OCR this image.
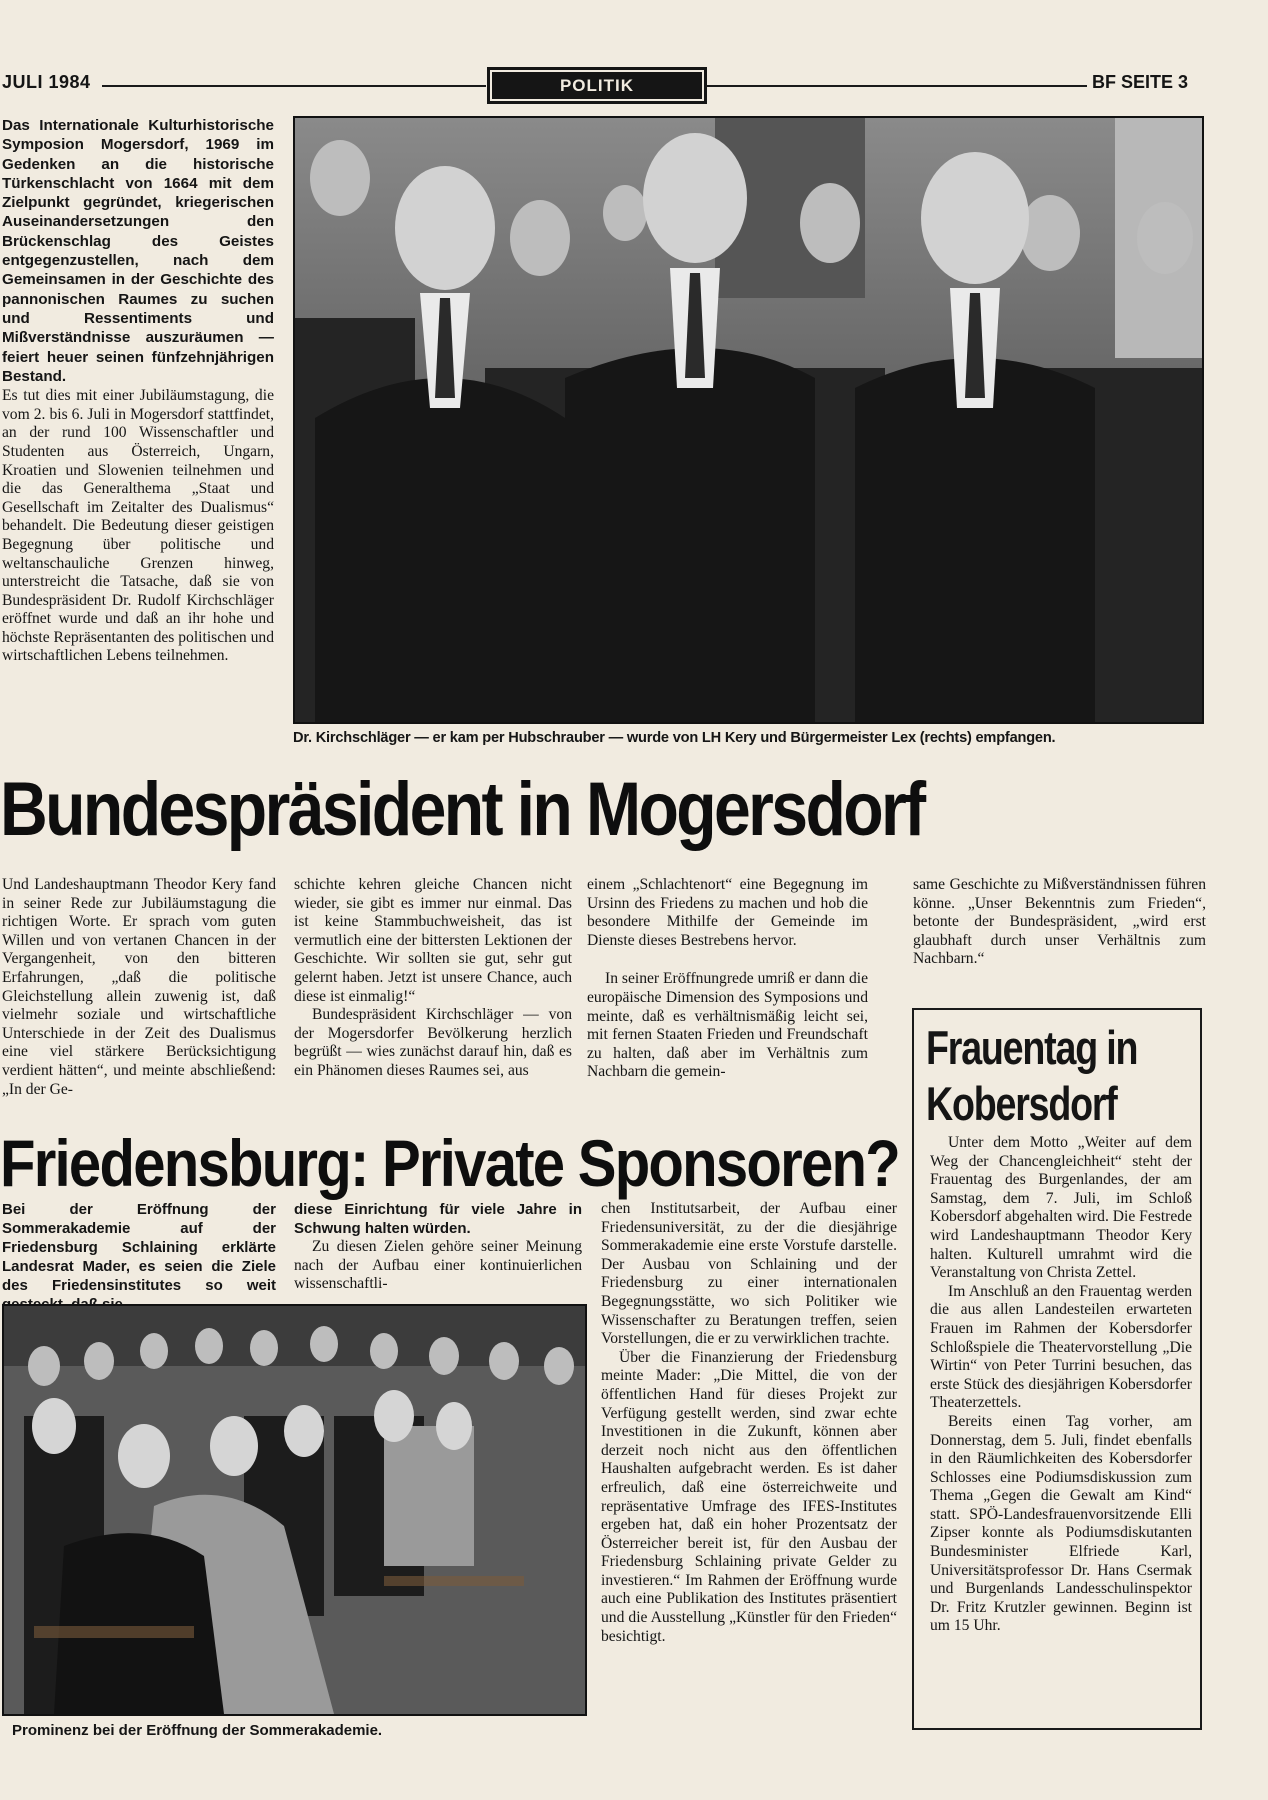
JULI 1984	POLITIK	BF SEITE 3

Das Internationale Kulturhistorische Symposion Mogersdorf, 1969 im Gedenken an die historische Türkenschlacht von 1664 mit dem Zielpunkt gegründet, kriegerischen Auseinandersetzungen den Brückenschlag des Geistes entgegenzustellen, nach dem Gemeinsamen in der Geschichte des pannonischen Raumes zu suchen und Ressentiments und Mißverständnisse auszuräumen — feiert heuer seinen fünfzehnjährigen Bestand.

Es tut dies mit einer Jubiläumstagung, die vom 2. bis 6. Juli in Mogersdorf stattfindet, an der rund 100 Wissenschaftler und Studenten aus Österreich, Ungarn, Kroatien und Slowenien teilnehmen und die das Generalthema „Staat und Gesellschaft im Zeitalter des Dualismus“ behandelt. Die Bedeutung dieser geistigen Begegnung über politische und weltanschauliche Grenzen hinweg, unterstreicht die Tatsache, daß sie von Bundespräsident Dr. Rudolf Kirchschläger eröffnet wurde und daß an ihr hohe und höchste Repräsentanten des politischen und wirtschaftlichen Lebens teilnehmen.

Dr. Kirchschläger — er kam per Hubschrauber — wurde von LH Kery und Bürgermeister Lex (rechts) empfangen.
Bundespräsident in Mogersdorf
Und Landeshauptmann Theodor Kery fand in seiner Rede zur Jubiläumstagung die richtigen Worte. Er sprach vom guten Willen und von vertanen Chancen in der Vergangenheit, von den bitteren Erfahrungen, „daß die politische Gleichstellung allein zuwenig ist, daß vielmehr soziale und wirtschaftliche Unterschiede in der Zeit des Dualismus eine viel stärkere Berücksichtigung verdient hätten“, und meinte abschließend: „In der Ge-

schichte kehren gleiche Chancen nicht wieder, sie gibt es immer nur einmal. Das ist keine Stammbuchweisheit, das ist vermutlich eine der bittersten Lektionen der Geschichte. Wir sollten sie gut, sehr gut gelernt haben. Jetzt ist unsere Chance, auch diese ist einmalig!“

Bundespräsident Kirchschläger — von der Mogersdorfer Bevölkerung herzlich begrüßt — wies zunächst darauf hin, daß es ein Phänomen dieses Raumes sei, aus

einem „Schlachtenort“ eine Begegnung im Ursinn des Friedens zu machen und hob die besondere Mithilfe der Gemeinde im Dienste dieses Bestrebens hervor.

In seiner Eröffnungrede umriß er dann die europäische Dimension des Symposions und meinte, daß es verhältnismäßig leicht sei, mit fernen Staaten Frieden und Freundschaft zu halten, daß aber im Verhältnis zum Nachbarn die gemein-

same Geschichte zu Mißverständnissen führen könne. „Unser Bekenntnis zum Frieden“, betonte der Bundespräsident, „wird erst glaubhaft durch unser Verhältnis zum Nachbarn.“
Friedensburg: Private Sponsoren?
Bei der Eröffnung der Sommerakademie auf der Friedensburg Schlaining erklärte Landesrat Mader, es seien die Ziele des Friedensinstitutes so weit

diese Einrichtung für viele Jahre in Schwung halten würden.

Zu diesen Zielen gehöre seiner Meinung nach der Aufbau einer kontinuierlichen wissenschaftli-

chen Institutsarbeit, der Aufbau einer Friedensuniversität, zu der die diesjährige Sommerakademie eine erste Vorstufe darstelle. Der Ausbau von Schlaining und der Friedensburg zu einer internationalen Begegnungsstätte, wo sich Politiker wie Wissenschafter zu Beratungen treffen, seien Vorstellungen, die er zu verwirklichen trachte.

Über die Finanzierung der Friedensburg meinte Mader: „Die Mittel, die von der öffentlichen Hand für dieses Projekt zur Verfügung gestellt werden, sind zwar echte Investitionen in die Zukunft, können aber derzeit noch nicht aus den öffentlichen Haushalten aufgebracht werden. Es ist daher erfreulich, daß eine österreichweite und repräsentative Umfrage des IFES-Institutes ergeben hat, daß ein hoher Prozentsatz der Österreicher bereit ist, für den Ausbau der Friedensburg Schlaining private Gelder zu investieren.“ Im Rahmen der Eröffnung wurde auch eine Publikation des Institutes präsentiert und die Ausstellung „Künstler für den Frieden“ besichtigt.

Prominenz bei der Eröffnung der Sommerakademie.
Frauentag in
Kobersdorf

Unter dem Motto „Weiter auf dem Weg der Chancengleichheit“ steht der Frauentag des Burgenlandes, der am Samstag, dem 7. Juli, im Schloß Kobersdorf abgehalten wird. Die Festrede wird Landeshauptmann Theodor Kery halten. Kulturell umrahmt wird die Veranstaltung von Christa Zettel.

Im Anschluß an den Frauentag werden die aus allen Landesteilen erwarteten Frauen im Rahmen der Kobersdorfer Schloßspiele die Theatervorstellung „Die Wirtin“ von Peter Turrini besuchen, das erste Stück des diesjährigen Kobersdorfer Theaterzettels.

Bereits einen Tag vorher, am Donnerstag, dem 5. Juli, findet ebenfalls in den Räumlichkeiten des Kobersdorfer Schlosses eine Podiumsdiskussion zum Thema „Gegen die Gewalt am Kind“ statt. SPÖ-Landesfrauenvorsitzende Elli Zipser konnte als Podiumsdiskutanten Bundesminister Elfriede Karl, Universitätsprofessor Dr. Hans Csermak und Burgenlands Landesschulinspektor Dr. Fritz Krutzler gewinnen. Beginn ist um 15 Uhr.
